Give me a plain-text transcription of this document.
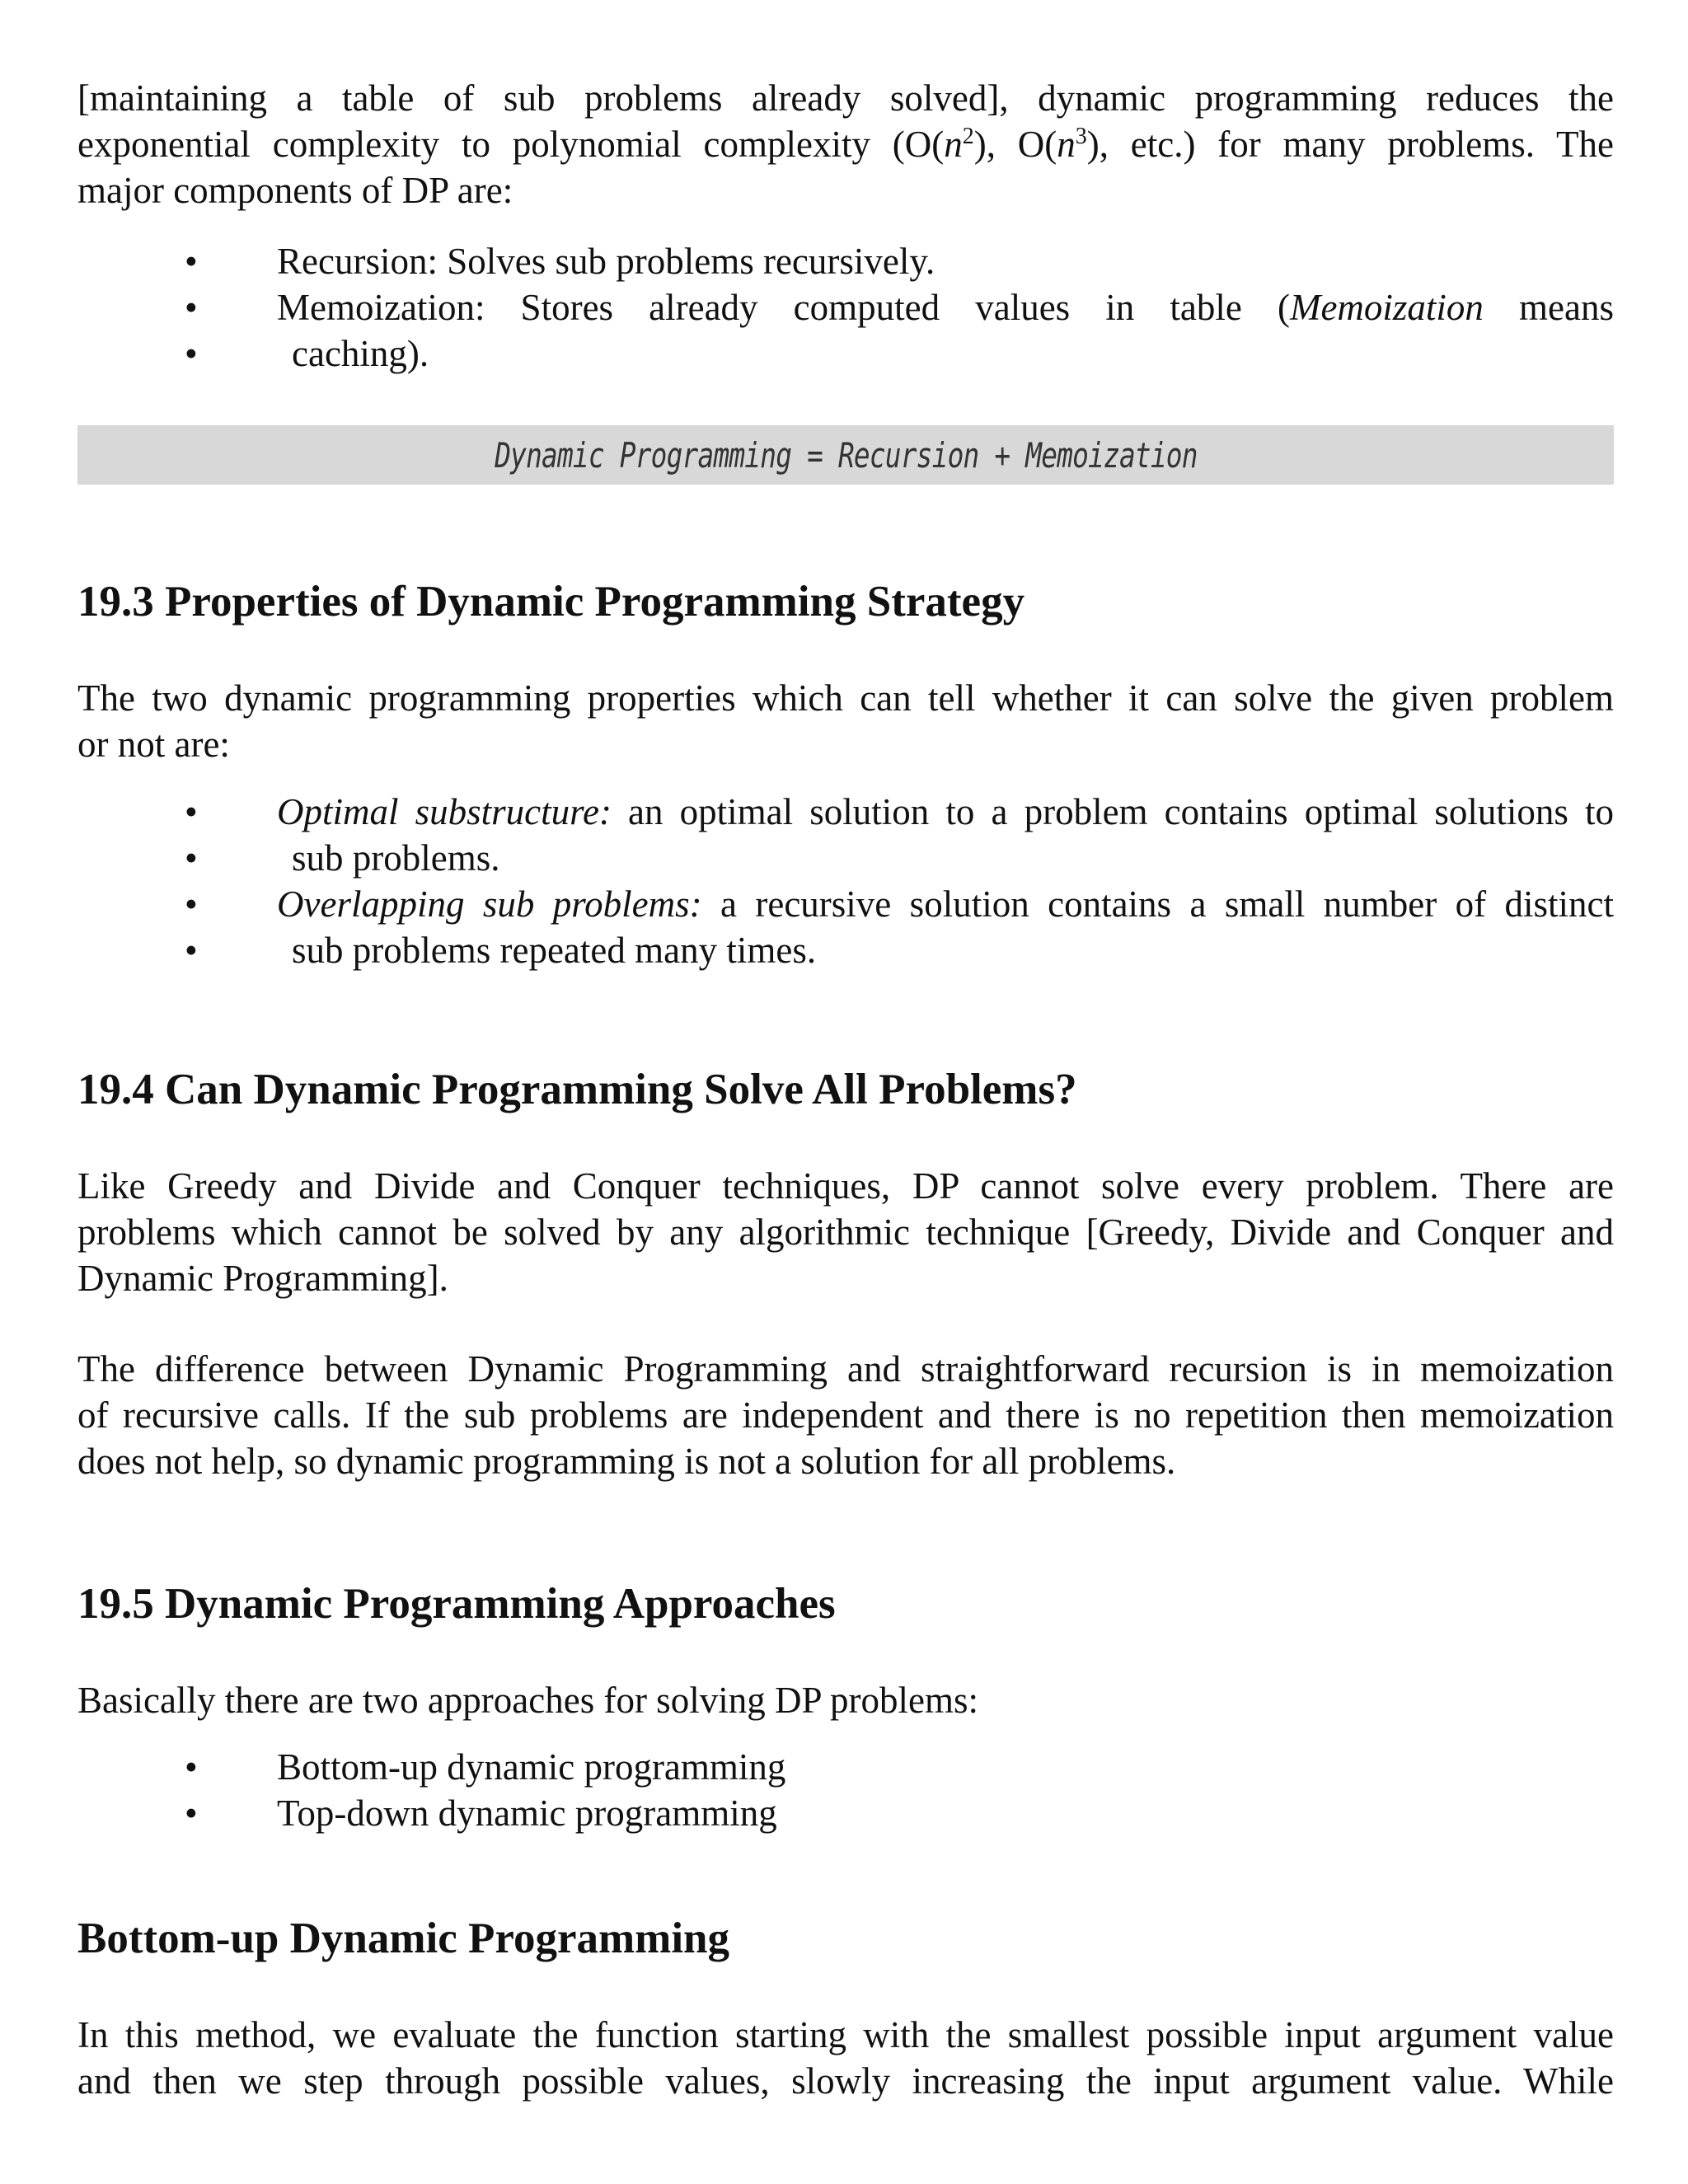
[maintaining a table of sub problems already solved], dynamic programming reduces the

exponential complexity to polynomial complexity ($O(n^2)$, $O(n^3)$, etc.) for many problems. The

major components of DP are:

• Recursion: Solves sub problems recursively.
• Memoization: Stores already computed values in table (Memoization means
• caching).
Dynamic Programming = Recursion + Memoization
19.3 Properties of Dynamic Programming Strategy

The two dynamic programming properties which can tell whether it can solve the given problem

or not are:

• Optimal substructure: an optimal solution to a problem contains optimal solutions to
• sub problems.
• Overlapping sub problems: a recursive solution contains a small number of distinct
• sub problems repeated many times.
19.4 Can Dynamic Programming Solve All Problems?

Like Greedy and Divide and Conquer techniques, DP cannot solve every problem. There are

problems which cannot be solved by any algorithmic technique [Greedy, Divide and Conquer and

Dynamic Programming].

The difference between Dynamic Programming and straightforward recursion is in memoization

of recursive calls. If the sub problems are independent and there is no repetition then memoization

does not help, so dynamic programming is not a solution for all problems.

19.5 Dynamic Programming Approaches

Basically there are two approaches for solving DP problems:

• Bottom-up dynamic programming
• Top-down dynamic programming
Bottom-up Dynamic Programming

In this method, we evaluate the function starting with the smallest possible input argument value

and then we step through possible values, slowly increasing the input argument value. While
